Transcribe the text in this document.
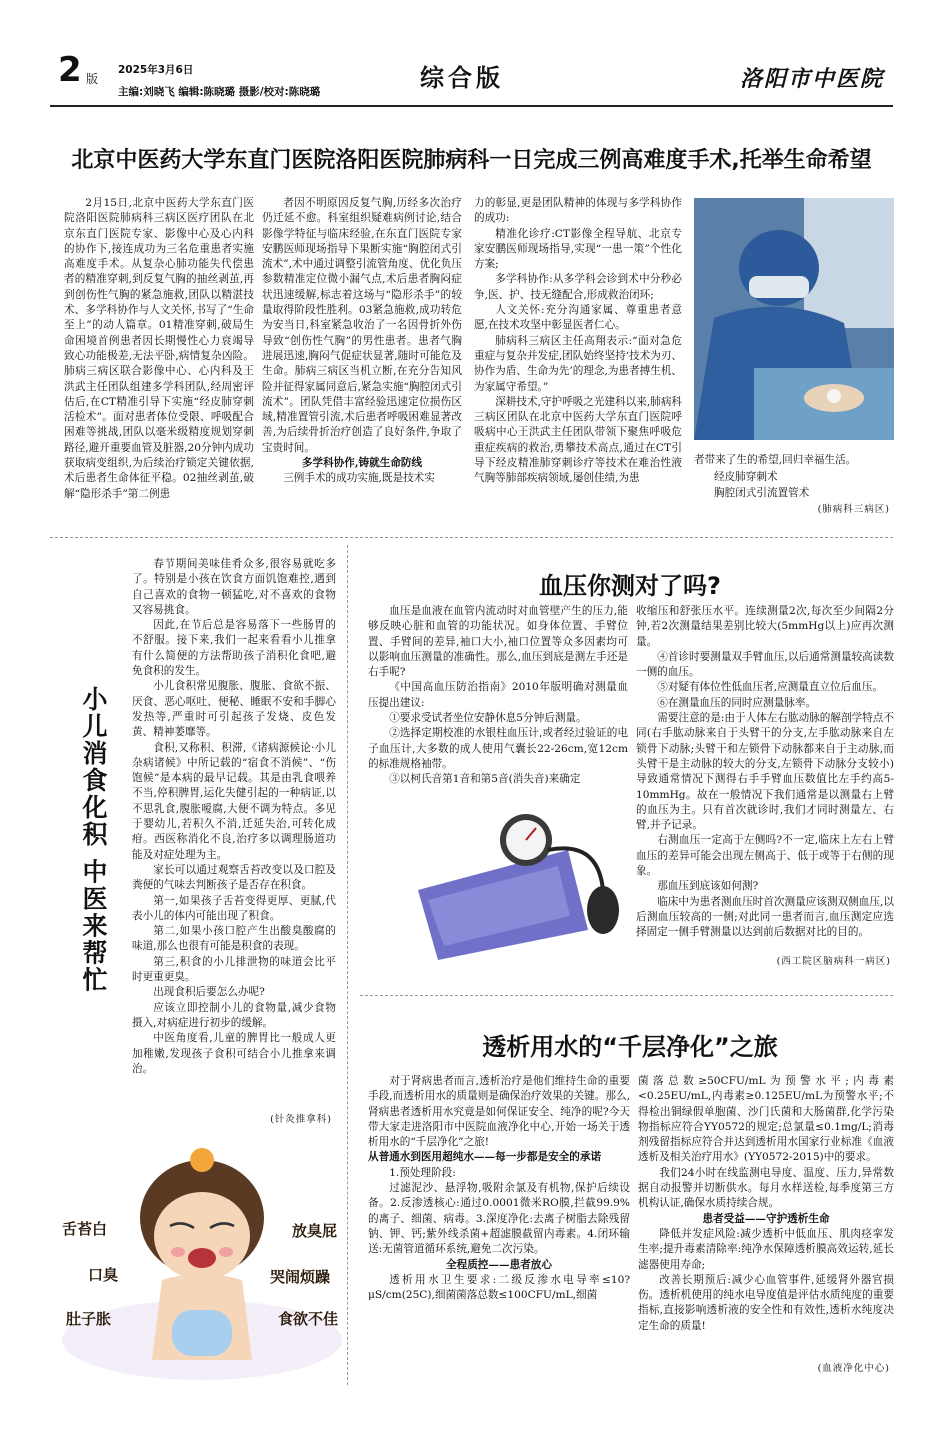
2 版
2025年3月6日
主编:刘晓飞 编辑:陈晓璐 摄影/校对:陈晓璐	综合版	洛阳市中医院
北京中医药大学东直门医院洛阳医院肺病科一日完成三例高难度手术,托举生命希望

2月15日,北京中医药大学东直门医院洛阳医院肺病科三病区医疗团队在北京东直门医院专家、影像中心及心内科的协作下,接连成功为三名危重患者实施高难度手术。从复杂心肺功能失代偿患者的精准穿刺,到反复气胸的抽丝剥茧,再到创伤性气胸的紧急施救,团队以精湛技术、多学科协作与人文关怀,书写了“生命至上”的动人篇章。01精准穿刺,破局生命困境首例患者因长期慢性心力衰竭导致心功能极差,无法平卧,病情复杂凶险。肺病三病区联合影像中心、心内科及王洪武主任团队组建多学科团队,经周密评估后,在CT精准引导下实施“经皮肺穿刺活检术”。面对患者体位受限、呼吸配合困难等挑战,团队以毫米级精度规划穿刺路径,避开重要血管及脏器,20分钟内成功获取病变组织,为后续治疗锁定关键依据,术后患者生命体征平稳。02抽丝剥茧,破解“隐形杀手”第二例患

者因不明原因反复气胸,历经多次治疗仍迁延不愈。科室组织疑难病例讨论,结合影像学特征与临床经验,在东直门医院专家安鹏医师现场指导下果断实施“胸腔闭式引流术”,术中通过调整引流管角度、优化负压参数精准定位微小漏气点,术后患者胸闷症状迅速缓解,标志着这场与“隐形杀手”的较量取得阶段性胜利。03紧急施救,成功转危为安当日,科室紧急收治了一名因骨折外伤导致“创伤性气胸”的男性患者。患者气胸进展迅速,胸闷气促症状显著,随时可能危及生命。肺病三病区当机立断,在充分告知风险并征得家属同意后,紧急实施“胸腔闭式引流术”。团队凭借丰富经验迅速定位损伤区域,精准置管引流,术后患者呼吸困难显著改善,为后续骨折治疗创造了良好条件,争取了宝贵时间。

多学科协作,铸就生命防线

三例手术的成功实施,既是技术实

力的彰显,更是团队精神的体现与多学科协作的成功:

精准化诊疗:CT影像全程导航、北京专家安鹏医师现场指导,实现“一患一策”个性化方案;

多学科协作:从多学科会诊到术中分秒必争,医、护、技无缝配合,形成救治闭环;

人文关怀:充分沟通家属、尊重患者意愿,在技术攻坚中彰显医者仁心。

肺病科三病区主任高翔表示:“面对急危重症与复杂并发症,团队始终坚持‘技术为刃、协作为盾、生命为先’的理念,为患者搏生机、为家属守希望。”

深耕技术,守护呼吸之光建科以来,肺病科三病区团队在北京中医药大学东直门医院呼吸病中心王洪武主任团队带领下聚焦呼吸危重症疾病的救治,勇攀技术高点,通过在CT引导下经皮精准肺穿刺诊疗等技术在难治性液气胸等肺部疾病领域,屡创佳绩,为患

者带来了生的希望,回归幸福生活。

经皮肺穿刺术
胸腔闭式引流置管术
(肺病科三病区)
小儿消食化积 中医来帮忙

春节期间美味佳肴众多,很容易就吃多了。特别是小孩在饮食方面饥饱难控,遇到自己喜欢的食物一顿猛吃,对不喜欢的食物又容易挑食。

因此,在节后总是容易落下一些肠胃的不舒服。接下来,我们一起来看看小儿推拿有什么简便的方法帮助孩子消积化食吧,避免食积的发生。

小儿食积常见腹胀、腹胀、食欲不振、厌食、恶心呕吐、便秘、睡眠不安和手脚心发热等,严重时可引起孩子发烧、皮色发黄、精神萎靡等。

食积,又称积、积滞,《诸病源候论·小儿杂病诸候》中所记载的“宿食不消候”、“伤饱候”是本病的最早记载。其是由乳食喂养不当,停积脾胃,运化失健引起的一种病证,以不思乳食,腹胀嗳腐,大便不调为特点。多见于婴幼儿,若积久不消,迁延失治,可转化成疳。西医称消化不良,治疗多以调理肠道功能及对症处理为主。

家长可以通过观察舌苔改变以及口腔及粪便的气味去判断孩子是否存在积食。

第一,如果孩子舌苔变得更厚、更腻,代表小儿的体内可能出现了积食。

第二,如果小孩口腔产生出酸臭酸腐的味道,那么也很有可能是积食的表现。

第三,积食的小儿排泄物的味道会比平时更重更臭。

出现食积后要怎么办呢?

应该立即控制小儿的食物量,减少食物摄入,对病症进行初步的缓解。

中医角度看,儿童的脾胃比一般成人更加稚嫩,发现孩子食积可结合小儿推拿来调治。

(针灸推拿科)
舌苔白
口臭
肚子胀
放臭屁
哭闹烦躁
食欲不佳
血压你测对了吗?

血压是血液在血管内流动时对血管壁产生的压力,能够反映心脏和血管的功能状况。如身体位置、手臂位置、手臂间的差异,袖口大小,袖口位置等众多因素均可以影响血压测量的准确性。那么,血压到底是测左手还是右手呢?

《中国高血压防治指南》2010年版明确对测量血压提出建议:

①要求受试者坐位安静休息5分钟后测量。

②选择定期校准的水银柱血压计,或者经过验证的电子血压计,大多数的成人使用气囊长22-26cm,宽12cm的标准规格袖带。

③以柯氏音第1音和第5音(消失音)来确定

收缩压和舒张压水平。连续测量2次,每次至少间隔2分钟,若2次测量结果差别比较大(5mmHg以上)应再次测量。

④首诊时要测量双手臂血压,以后通常测量较高读数一侧的血压。

⑤对疑有体位性低血压者,应测量直立位后血压。

⑥在测量血压的同时应测量脉率。

需要注意的是:由于人体左右肱动脉的解剖学特点不同(右手肱动脉来自于头臂干的分支,左手肱动脉来自左锁骨下动脉;头臂干和左锁骨下动脉都来自于主动脉,而头臂干是主动脉的较大的分支,左锁骨下动脉分支较小)导致通常情况下测得右手手臂血压数值比左手约高5-10mmHg。故在一般情况下我们通常是以测量右上臂的血压为主。只有首次就诊时,我们才同时测量左、右臂,并予记录。

右测血压一定高于左侧吗?不一定,临床上左右上臂血压的差异可能会出现左侧高于、低于或等于右侧的现象。

那血压到底该如何测?

临床中为患者测血压时首次测量应该测双侧血压,以后测血压较高的一侧;对此同一患者而言,血压测定应选择固定一侧手臂测量以达到前后数据对比的目的。

(西工院区脑病科一病区)
透析用水的“千层净化”之旅

对于肾病患者而言,透析治疗是他们维持生命的重要手段,而透析用水的质量则是确保治疗效果的关键。那么,肾病患者透析用水究竟是如何保证安全、纯净的呢?今天带大家走进洛阳市中医院血液净化中心,开始一场关于透析用水的“千层净化”之旅!

从普通水到医用超纯水——每一步都是安全的承诺

1.预处理阶段:

过滤泥沙、悬浮物,吸附余氯及有机物,保护后续设备。2.反渗透核心:通过0.0001微米RO膜,拦截99.9%的离子、细菌、病毒。3.深度净化:去离子树脂去除残留钠、钾、钙;紫外线杀菌+超滤膜截留内毒素。4.闭环输送:无菌管道循环系统,避免二次污染。

全程质控——患者放心

透析用水卫生要求:二级反渗水电导率≤10?μS/cm(25C),细菌菌落总数≤100CFU/mL,细菌

菌落总数≥50CFU/mL为预警水平;内毒素<0.25EU/mL,内毒素≥0.125EU/mL为预警水平;不得检出铜绿假单胞菌、沙门氏菌和大肠菌群,化学污染物指标应符合YY0572的规定;总氯量≤0.1mg/L;消毒剂残留指标应符合并达到透析用水国家行业标准《血液透析及相关治疗用水》(YY0572-2015)中的要求。

我们24小时在线监测电导度、温度、压力,异常数据自动报警并切断供水。每月水样送检,每季度第三方机构认证,确保水质持续合规。

患者受益——守护透析生命

降低并发症风险:减少透析中低血压、肌肉痉挛发生率;提升毒素清除率:纯净水保障透析膜高效运转,延长滤器使用寿命;

改善长期预后:减少心血管事件,延缓肾外器官损伤。透析机使用的纯水电导度值是评估水质纯度的重要指标,直接影响透析液的安全性和有效性,透析水纯度决定生命的质量!

(血液净化中心)
